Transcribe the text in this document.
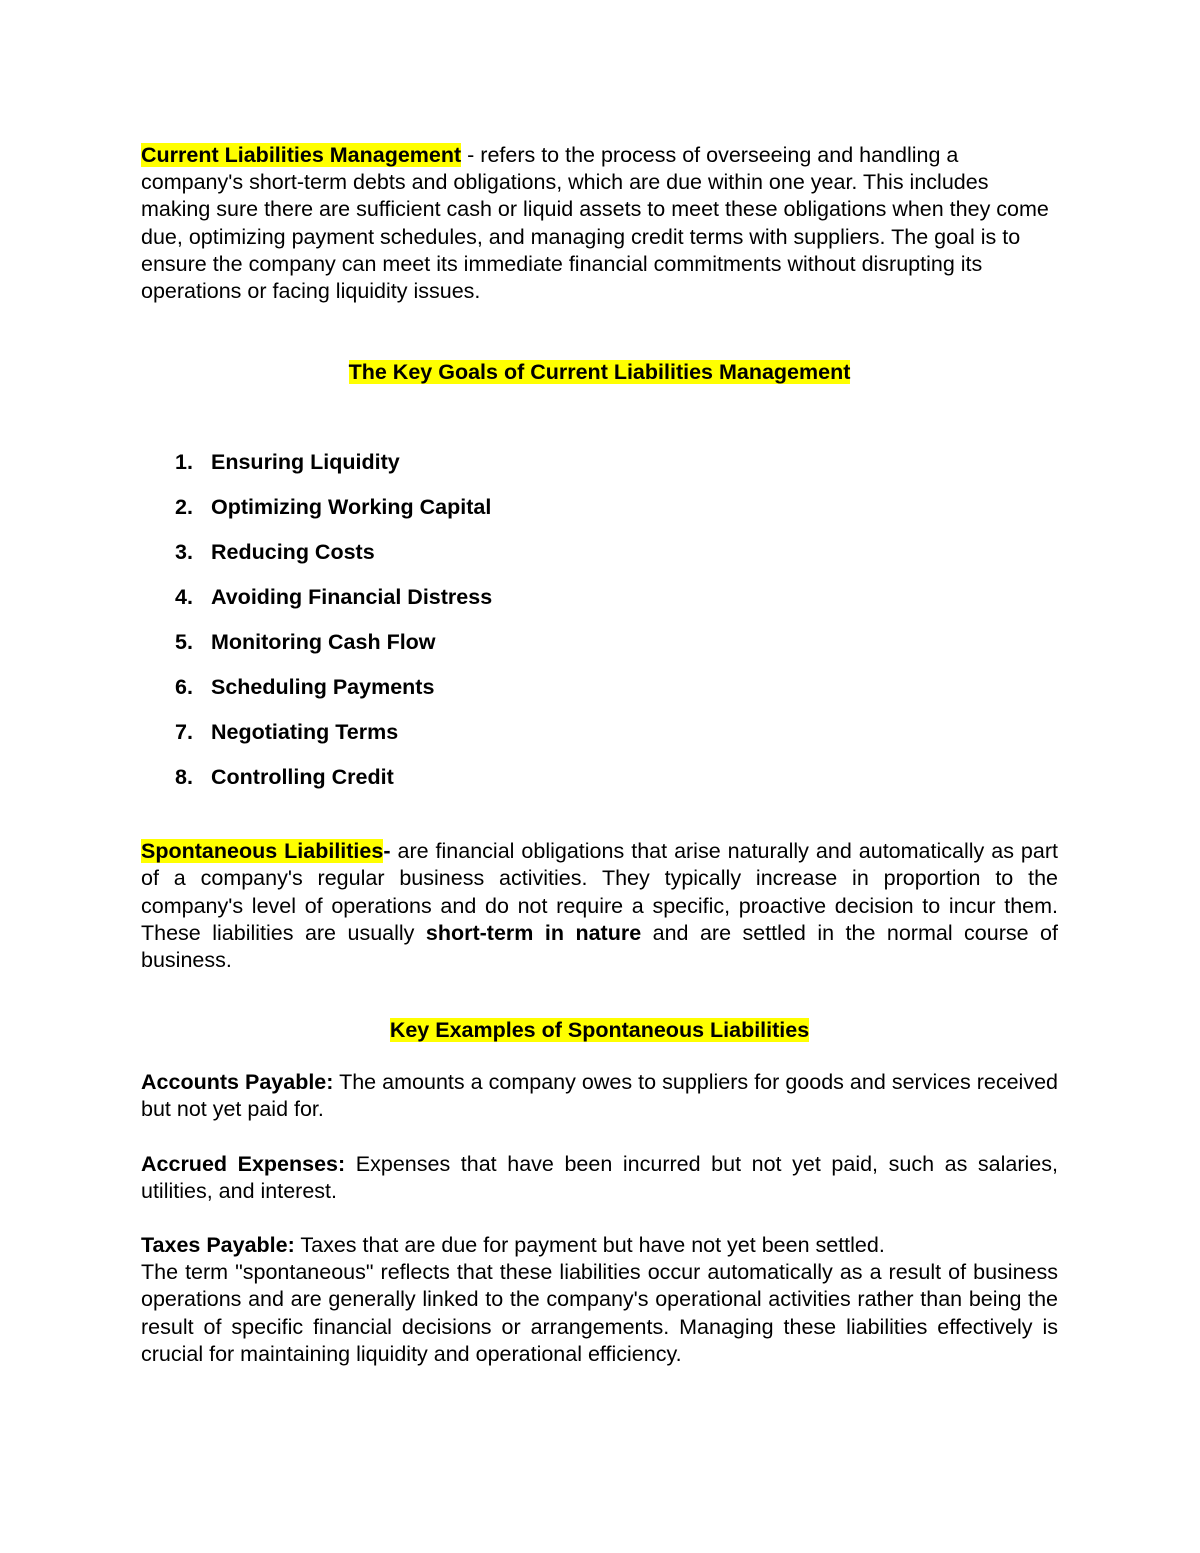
Current Liabilities Management - refers to the process of overseeing and handling a company's short-term debts and obligations, which are due within one year. This includes making sure there are sufficient cash or liquid assets to meet these obligations when they come due, optimizing payment schedules, and managing credit terms with suppliers. The goal is to ensure the company can meet its immediate financial commitments without disrupting its operations or facing liquidity issues.

The Key Goals of Current Liabilities Management

1. Ensuring Liquidity
2. Optimizing Working Capital
3. Reducing Costs
4. Avoiding Financial Distress
5. Monitoring Cash Flow
6. Scheduling Payments
7. Negotiating Terms
8. Controlling Credit

Spontaneous Liabilities- are financial obligations that arise naturally and automatically as part of a company's regular business activities. They typically increase in proportion to the company's level of operations and do not require a specific, proactive decision to incur them. These liabilities are usually short-term in nature and are settled in the normal course of business.

Key Examples of Spontaneous Liabilities

Accounts Payable: The amounts a company owes to suppliers for goods and services received but not yet paid for.

Accrued Expenses: Expenses that have been incurred but not yet paid, such as salaries, utilities, and interest.

Taxes Payable: Taxes that are due for payment but have not yet been settled.

The term "spontaneous" reflects that these liabilities occur automatically as a result of business operations and are generally linked to the company's operational activities rather than being the result of specific financial decisions or arrangements. Managing these liabilities effectively is crucial for maintaining liquidity and operational efficiency.
